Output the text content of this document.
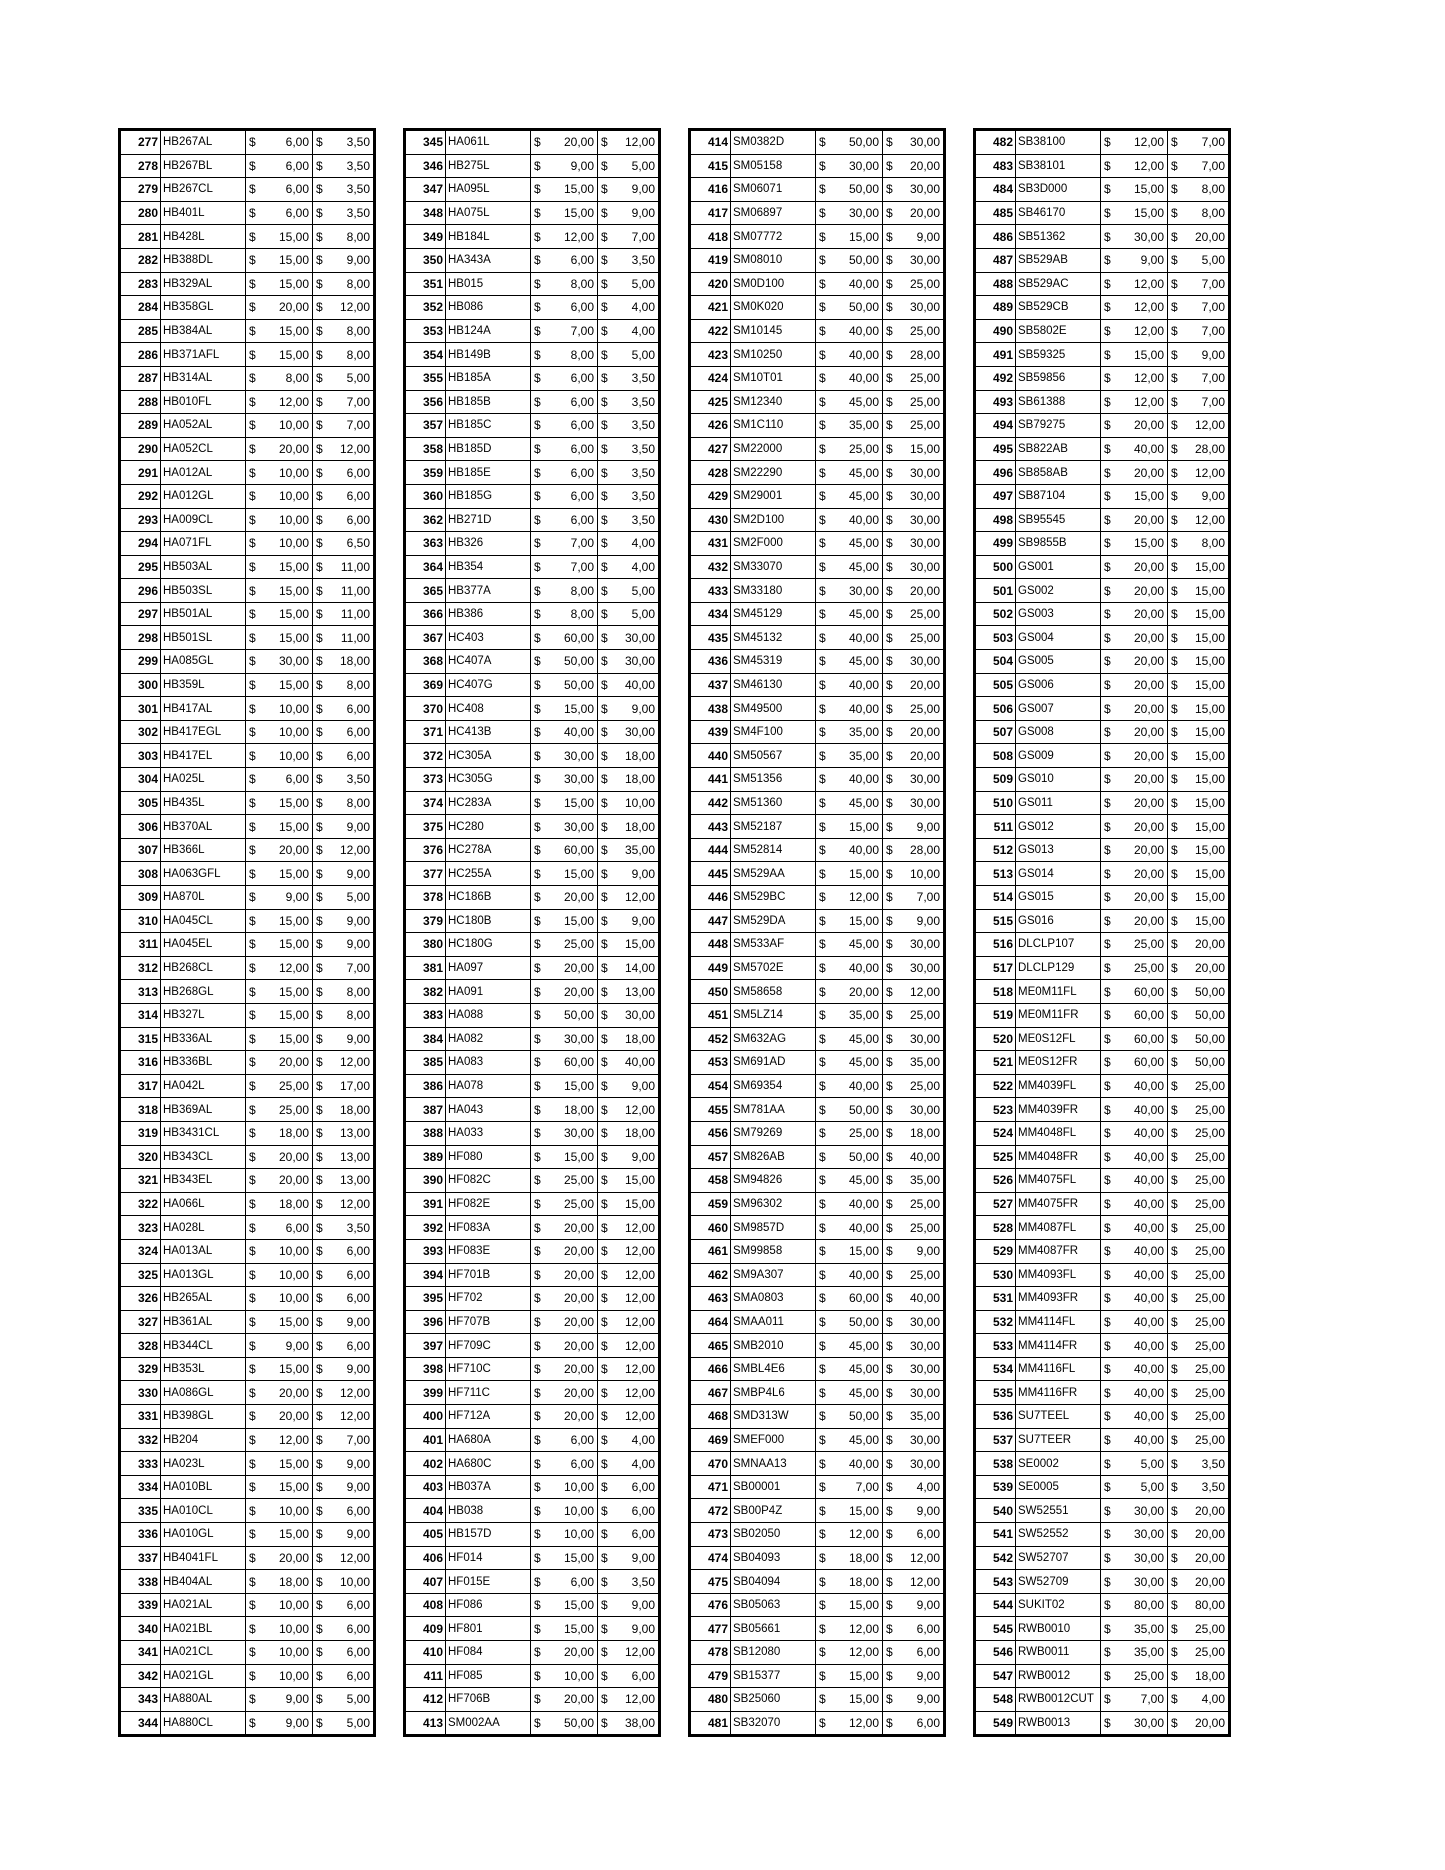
277	HB267AL	$ 6,00	$ 3,50

278	HB267BL	$ 6,00	$ 3,50

279	HB267CL	$ 6,00	$ 3,50

280	HB401L	$ 6,00	$ 3,50

281	HB428L	$ 15,00	$ 8,00

282	HB388DL	$ 15,00	$ 9,00

283	HB329AL	$ 15,00	$ 8,00

284	HB358GL	$ 20,00	$ 12,00

285	HB384AL	$ 15,00	$ 8,00

286	HB371AFL	$ 15,00	$ 8,00

287	HB314AL	$ 8,00	$ 5,00

288	HB010FL	$ 12,00	$ 7,00

289	HA052AL	$ 10,00	$ 7,00

290	HA052CL	$ 20,00	$ 12,00

291	HA012AL	$ 10,00	$ 6,00

292	HA012GL	$ 10,00	$ 6,00

293	HA009CL	$ 10,00	$ 6,00

294	HA071FL	$ 10,00	$ 6,50

295	HB503AL	$ 15,00	$ 11,00

296	HB503SL	$ 15,00	$ 11,00

297	HB501AL	$ 15,00	$ 11,00

298	HB501SL	$ 15,00	$ 11,00

299	HA085GL	$ 30,00	$ 18,00

300	HB359L	$ 15,00	$ 8,00

301	HB417AL	$ 10,00	$ 6,00

302	HB417EGL	$ 10,00	$ 6,00

303	HB417EL	$ 10,00	$ 6,00

304	HA025L	$ 6,00	$ 3,50

305	HB435L	$ 15,00	$ 8,00

306	HB370AL	$ 15,00	$ 9,00

307	HB366L	$ 20,00	$ 12,00

308	HA063GFL	$ 15,00	$ 9,00

309	HA870L	$ 9,00	$ 5,00

310	HA045CL	$ 15,00	$ 9,00

311	HA045EL	$ 15,00	$ 9,00

312	HB268CL	$ 12,00	$ 7,00

313	HB268GL	$ 15,00	$ 8,00

314	HB327L	$ 15,00	$ 8,00

315	HB336AL	$ 15,00	$ 9,00

316	HB336BL	$ 20,00	$ 12,00

317	HA042L	$ 25,00	$ 17,00

318	HB369AL	$ 25,00	$ 18,00

319	HB3431CL	$ 18,00	$ 13,00

320	HB343CL	$ 20,00	$ 13,00

321	HB343EL	$ 20,00	$ 13,00

322	HA066L	$ 18,00	$ 12,00

323	HA028L	$ 6,00	$ 3,50

324	HA013AL	$ 10,00	$ 6,00

325	HA013GL	$ 10,00	$ 6,00

326	HB265AL	$ 10,00	$ 6,00

327	HB361AL	$ 15,00	$ 9,00

328	HB344CL	$ 9,00	$ 6,00

329	HB353L	$ 15,00	$ 9,00

330	HA086GL	$ 20,00	$ 12,00

331	HB398GL	$ 20,00	$ 12,00

332	HB204	$ 12,00	$ 7,00

333	HA023L	$ 15,00	$ 9,00

334	HA010BL	$ 15,00	$ 9,00

335	HA010CL	$ 10,00	$ 6,00

336	HA010GL	$ 15,00	$ 9,00

337	HB4041FL	$ 20,00	$ 12,00

338	HB404AL	$ 18,00	$ 10,00

339	HA021AL	$ 10,00	$ 6,00

340	HA021BL	$ 10,00	$ 6,00

341	HA021CL	$ 10,00	$ 6,00

342	HA021GL	$ 10,00	$ 6,00

343	HA880AL	$ 9,00	$ 5,00

344	HA880CL	$ 9,00	$ 5,00
345	HA061L	$ 20,00	$ 12,00

346	HB275L	$ 9,00	$ 5,00

347	HA095L	$ 15,00	$ 9,00

348	HA075L	$ 15,00	$ 9,00

349	HB184L	$ 12,00	$ 7,00

350	HA343A	$ 6,00	$ 3,50

351	HB015	$ 8,00	$ 5,00

352	HB086	$ 6,00	$ 4,00

353	HB124A	$ 7,00	$ 4,00

354	HB149B	$ 8,00	$ 5,00

355	HB185A	$ 6,00	$ 3,50

356	HB185B	$ 6,00	$ 3,50

357	HB185C	$ 6,00	$ 3,50

358	HB185D	$ 6,00	$ 3,50

359	HB185E	$ 6,00	$ 3,50

360	HB185G	$ 6,00	$ 3,50

362	HB271D	$ 6,00	$ 3,50

363	HB326	$ 7,00	$ 4,00

364	HB354	$ 7,00	$ 4,00

365	HB377A	$ 8,00	$ 5,00

366	HB386	$ 8,00	$ 5,00

367	HC403	$ 60,00	$ 30,00

368	HC407A	$ 50,00	$ 30,00

369	HC407G	$ 50,00	$ 40,00

370	HC408	$ 15,00	$ 9,00

371	HC413B	$ 40,00	$ 30,00

372	HC305A	$ 30,00	$ 18,00

373	HC305G	$ 30,00	$ 18,00

374	HC283A	$ 15,00	$ 10,00

375	HC280	$ 30,00	$ 18,00

376	HC278A	$ 60,00	$ 35,00

377	HC255A	$ 15,00	$ 9,00

378	HC186B	$ 20,00	$ 12,00

379	HC180B	$ 15,00	$ 9,00

380	HC180G	$ 25,00	$ 15,00

381	HA097	$ 20,00	$ 14,00

382	HA091	$ 20,00	$ 13,00

383	HA088	$ 50,00	$ 30,00

384	HA082	$ 30,00	$ 18,00

385	HA083	$ 60,00	$ 40,00

386	HA078	$ 15,00	$ 9,00

387	HA043	$ 18,00	$ 12,00

388	HA033	$ 30,00	$ 18,00

389	HF080	$ 15,00	$ 9,00

390	HF082C	$ 25,00	$ 15,00

391	HF082E	$ 25,00	$ 15,00

392	HF083A	$ 20,00	$ 12,00

393	HF083E	$ 20,00	$ 12,00

394	HF701B	$ 20,00	$ 12,00

395	HF702	$ 20,00	$ 12,00

396	HF707B	$ 20,00	$ 12,00

397	HF709C	$ 20,00	$ 12,00

398	HF710C	$ 20,00	$ 12,00

399	HF711C	$ 20,00	$ 12,00

400	HF712A	$ 20,00	$ 12,00

401	HA680A	$ 6,00	$ 4,00

402	HA680C	$ 6,00	$ 4,00

403	HB037A	$ 10,00	$ 6,00

404	HB038	$ 10,00	$ 6,00

405	HB157D	$ 10,00	$ 6,00

406	HF014	$ 15,00	$ 9,00

407	HF015E	$ 6,00	$ 3,50

408	HF086	$ 15,00	$ 9,00

409	HF801	$ 15,00	$ 9,00

410	HF084	$ 20,00	$ 12,00

411	HF085	$ 10,00	$ 6,00

412	HF706B	$ 20,00	$ 12,00

413	SM002AA	$ 50,00	$ 38,00
414	SM0382D	$ 50,00	$ 30,00

415	SM05158	$ 30,00	$ 20,00

416	SM06071	$ 50,00	$ 30,00

417	SM06897	$ 30,00	$ 20,00

418	SM07772	$ 15,00	$ 9,00

419	SM08010	$ 50,00	$ 30,00

420	SM0D100	$ 40,00	$ 25,00

421	SM0K020	$ 50,00	$ 30,00

422	SM10145	$ 40,00	$ 25,00

423	SM10250	$ 40,00	$ 28,00

424	SM10T01	$ 40,00	$ 25,00

425	SM12340	$ 45,00	$ 25,00

426	SM1C110	$ 35,00	$ 25,00

427	SM22000	$ 25,00	$ 15,00

428	SM22290	$ 45,00	$ 30,00

429	SM29001	$ 45,00	$ 30,00

430	SM2D100	$ 40,00	$ 30,00

431	SM2F000	$ 45,00	$ 30,00

432	SM33070	$ 45,00	$ 30,00

433	SM33180	$ 30,00	$ 20,00

434	SM45129	$ 45,00	$ 25,00

435	SM45132	$ 40,00	$ 25,00

436	SM45319	$ 45,00	$ 30,00

437	SM46130	$ 40,00	$ 20,00

438	SM49500	$ 40,00	$ 25,00

439	SM4F100	$ 35,00	$ 20,00

440	SM50567	$ 35,00	$ 20,00

441	SM51356	$ 40,00	$ 30,00

442	SM51360	$ 45,00	$ 30,00

443	SM52187	$ 15,00	$ 9,00

444	SM52814	$ 40,00	$ 28,00

445	SM529AA	$ 15,00	$ 10,00

446	SM529BC	$ 12,00	$ 7,00

447	SM529DA	$ 15,00	$ 9,00

448	SM533AF	$ 45,00	$ 30,00

449	SM5702E	$ 40,00	$ 30,00

450	SM58658	$ 20,00	$ 12,00

451	SM5LZ14	$ 35,00	$ 25,00

452	SM632AG	$ 45,00	$ 30,00

453	SM691AD	$ 45,00	$ 35,00

454	SM69354	$ 40,00	$ 25,00

455	SM781AA	$ 50,00	$ 30,00

456	SM79269	$ 25,00	$ 18,00

457	SM826AB	$ 50,00	$ 40,00

458	SM94826	$ 45,00	$ 35,00

459	SM96302	$ 40,00	$ 25,00

460	SM9857D	$ 40,00	$ 25,00

461	SM99858	$ 15,00	$ 9,00

462	SM9A307	$ 40,00	$ 25,00

463	SMA0803	$ 60,00	$ 40,00

464	SMAA011	$ 50,00	$ 30,00

465	SMB2010	$ 45,00	$ 30,00

466	SMBL4E6	$ 45,00	$ 30,00

467	SMBP4L6	$ 45,00	$ 30,00

468	SMD313W	$ 50,00	$ 35,00

469	SMEF000	$ 45,00	$ 30,00

470	SMNAA13	$ 40,00	$ 30,00

471	SB00001	$ 7,00	$ 4,00

472	SB00P4Z	$ 15,00	$ 9,00

473	SB02050	$ 12,00	$ 6,00

474	SB04093	$ 18,00	$ 12,00

475	SB04094	$ 18,00	$ 12,00

476	SB05063	$ 15,00	$ 9,00

477	SB05661	$ 12,00	$ 6,00

478	SB12080	$ 12,00	$ 6,00

479	SB15377	$ 15,00	$ 9,00

480	SB25060	$ 15,00	$ 9,00

481	SB32070	$ 12,00	$ 6,00
482	SB38100	$ 12,00	$ 7,00

483	SB38101	$ 12,00	$ 7,00

484	SB3D000	$ 15,00	$ 8,00

485	SB46170	$ 15,00	$ 8,00

486	SB51362	$ 30,00	$ 20,00

487	SB529AB	$ 9,00	$ 5,00

488	SB529AC	$ 12,00	$ 7,00

489	SB529CB	$ 12,00	$ 7,00

490	SB5802E	$ 12,00	$ 7,00

491	SB59325	$ 15,00	$ 9,00

492	SB59856	$ 12,00	$ 7,00

493	SB61388	$ 12,00	$ 7,00

494	SB79275	$ 20,00	$ 12,00

495	SB822AB	$ 40,00	$ 28,00

496	SB858AB	$ 20,00	$ 12,00

497	SB87104	$ 15,00	$ 9,00

498	SB95545	$ 20,00	$ 12,00

499	SB9855B	$ 15,00	$ 8,00

500	GS001	$ 20,00	$ 15,00

501	GS002	$ 20,00	$ 15,00

502	GS003	$ 20,00	$ 15,00

503	GS004	$ 20,00	$ 15,00

504	GS005	$ 20,00	$ 15,00

505	GS006	$ 20,00	$ 15,00

506	GS007	$ 20,00	$ 15,00

507	GS008	$ 20,00	$ 15,00

508	GS009	$ 20,00	$ 15,00

509	GS010	$ 20,00	$ 15,00

510	GS011	$ 20,00	$ 15,00

511	GS012	$ 20,00	$ 15,00

512	GS013	$ 20,00	$ 15,00

513	GS014	$ 20,00	$ 15,00

514	GS015	$ 20,00	$ 15,00

515	GS016	$ 20,00	$ 15,00

516	DLCLP107	$ 25,00	$ 20,00

517	DLCLP129	$ 25,00	$ 20,00

518	ME0M11FL	$ 60,00	$ 50,00

519	ME0M11FR	$ 60,00	$ 50,00

520	ME0S12FL	$ 60,00	$ 50,00

521	ME0S12FR	$ 60,00	$ 50,00

522	MM4039FL	$ 40,00	$ 25,00

523	MM4039FR	$ 40,00	$ 25,00

524	MM4048FL	$ 40,00	$ 25,00

525	MM4048FR	$ 40,00	$ 25,00

526	MM4075FL	$ 40,00	$ 25,00

527	MM4075FR	$ 40,00	$ 25,00

528	MM4087FL	$ 40,00	$ 25,00

529	MM4087FR	$ 40,00	$ 25,00

530	MM4093FL	$ 40,00	$ 25,00

531	MM4093FR	$ 40,00	$ 25,00

532	MM4114FL	$ 40,00	$ 25,00

533	MM4114FR	$ 40,00	$ 25,00

534	MM4116FL	$ 40,00	$ 25,00

535	MM4116FR	$ 40,00	$ 25,00

536	SU7TEEL	$ 40,00	$ 25,00

537	SU7TEER	$ 40,00	$ 25,00

538	SE0002	$ 5,00	$ 3,50

539	SE0005	$ 5,00	$ 3,50

540	SW52551	$ 30,00	$ 20,00

541	SW52552	$ 30,00	$ 20,00

542	SW52707	$ 30,00	$ 20,00

543	SW52709	$ 30,00	$ 20,00

544	SUKIT02	$ 80,00	$ 80,00

545	RWB0010	$ 35,00	$ 25,00

546	RWB0011	$ 35,00	$ 25,00

547	RWB0012	$ 25,00	$ 18,00

548	RWB0012CUT	$ 7,00	$ 4,00

549	RWB0013	$ 30,00	$ 20,00
